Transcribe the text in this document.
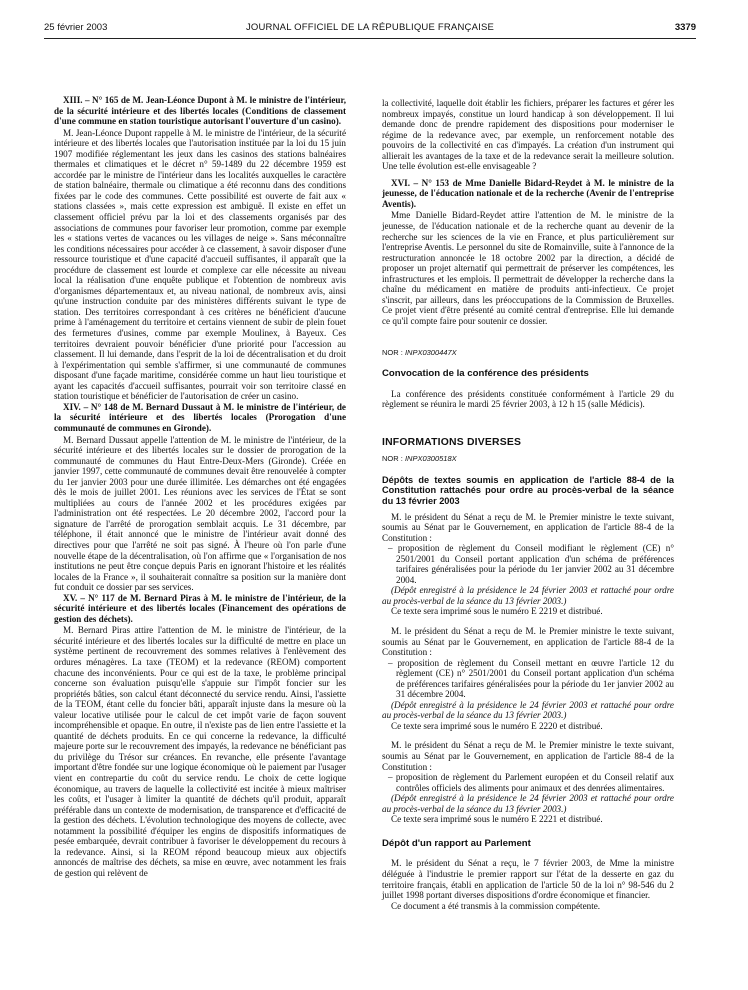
25 février 2003	JOURNAL OFFICIEL DE LA RÉPUBLIQUE FRANÇAISE	3379

XIII. – N° 165 de M. Jean-Léonce Dupont à M. le ministre de l'intérieur, de la sécurité intérieure et des libertés locales (Conditions de classement d'une commune en station touristique autorisant l'ouverture d'un casino).

M. Jean-Léonce Dupont rappelle à M. le ministre de l'intérieur, de la sécurité intérieure et des libertés locales que l'autorisation instituée par la loi du 15 juin 1907 modifiée réglementant les jeux dans les casinos des stations balnéaires thermales et climatiques et le décret n° 59-1489 du 22 décembre 1959 est accordée par le ministre de l'intérieur dans les localités auxquelles le caractère de station balnéaire, thermale ou climatique a été reconnu dans des conditions fixées par le code des communes. Cette possibilité est ouverte de fait aux « stations classées », mais cette expression est ambiguë. Il existe en effet un classement officiel prévu par la loi et des classements organisés par des associations de communes pour favoriser leur promotion, comme par exemple les « stations vertes de vacances ou les villages de neige ». Sans méconnaître les conditions nécessaires pour accéder à ce classement, à savoir disposer d'une ressource touristique et d'une capacité d'accueil suffisantes, il apparaît que la procédure de classement est lourde et complexe car elle nécessite au niveau local la réalisation d'une enquête publique et l'obtention de nombreux avis d'organismes départementaux et, au niveau national, de nombreux avis, ainsi qu'une instruction conduite par des ministères différents suivant le type de station. Des territoires correspondant à ces critères ne bénéficient d'aucune prime à l'aménagement du territoire et certains viennent de subir de plein fouet des fermetures d'usines, comme par exemple Moulinex, à Bayeux. Ces territoires devraient pouvoir bénéficier d'une priorité pour l'accession au classement. Il lui demande, dans l'esprit de la loi de décentralisation et du droit à l'expérimentation qui semble s'affirmer, si une communauté de communes disposant d'une façade maritime, considérée comme un haut lieu touristique et ayant les capacités d'accueil suffisantes, pourrait voir son territoire classé en station touristique et bénéficier de l'autorisation de créer un casino.

XIV. – N° 148 de M. Bernard Dussaut à M. le ministre de l'intérieur, de la sécurité intérieure et des libertés locales (Prorogation d'une communauté de communes en Gironde).

M. Bernard Dussaut appelle l'attention de M. le ministre de l'intérieur, de la sécurité intérieure et des libertés locales sur le dossier de prorogation de la communauté de communes du Haut Entre-Deux-Mers (Gironde). Créée en janvier 1997, cette communauté de communes devait être renouvelée à compter du 1er janvier 2003 pour une durée illimitée. Les démarches ont été engagées dès le mois de juillet 2001. Les réunions avec les services de l'État se sont multipliées au cours de l'année 2002 et les procédures exigées par l'administration ont été respectées. Le 20 décembre 2002, l'accord pour la signature de l'arrêté de prorogation semblait acquis. Le 31 décembre, par téléphone, il était annoncé que le ministre de l'intérieur avait donné des directives pour que l'arrêté ne soit pas signé. À l'heure où l'on parle d'une nouvelle étape de la décentralisation, où l'on affirme que « l'organisation de nos institutions ne peut être conçue depuis Paris en ignorant l'histoire et les réalités locales de la France », il souhaiterait connaître sa position sur la manière dont fut conduit ce dossier par ses services.

XV. – N° 117 de M. Bernard Piras à M. le ministre de l'intérieur, de la sécurité intérieure et des libertés locales (Financement des opérations de gestion des déchets).

M. Bernard Piras attire l'attention de M. le ministre de l'intérieur, de la sécurité intérieure et des libertés locales sur la difficulté de mettre en place un système pertinent de recouvrement des sommes relatives à l'enlèvement des ordures ménagères. La taxe (TEOM) et la redevance (REOM) comportent chacune des inconvénients. Pour ce qui est de la taxe, le problème principal concerne son évaluation puisqu'elle s'appuie sur l'impôt foncier sur les propriétés bâties, son calcul étant déconnecté du service rendu. Ainsi, l'assiette de la TEOM, étant celle du foncier bâti, apparaît injuste dans la mesure où la valeur locative utilisée pour le calcul de cet impôt varie de façon souvent incompréhensible et opaque. En outre, il n'existe pas de lien entre l'assiette et la quantité de déchets produits. En ce qui concerne la redevance, la difficulté majeure porte sur le recouvrement des impayés, la redevance ne bénéficiant pas du privilège du Trésor sur créances. En revanche, elle présente l'avantage important d'être fondée sur une logique économique où le paiement par l'usager vient en contrepartie du coût du service rendu. Le choix de cette logique économique, au travers de laquelle la collectivité est incitée à mieux maîtriser les coûts, et l'usager à limiter la quantité de déchets qu'il produit, apparaît préférable dans un contexte de modernisation, de transparence et d'efficacité de la gestion des déchets. L'évolution technologique des moyens de collecte, avec notamment la possibilité d'équiper les engins de dispositifs informatiques de pesée embarquée, devrait contribuer à favoriser le développement du recours à la redevance. Ainsi, si la REOM répond beaucoup mieux aux objectifs annoncés de maîtrise des déchets, sa mise en œuvre, avec notamment les frais de gestion qui relèvent de

la collectivité, laquelle doit établir les fichiers, préparer les factures et gérer les nombreux impayés, constitue un lourd handicap à son développement. Il lui demande donc de prendre rapidement des dispositions pour moderniser le régime de la redevance avec, par exemple, un renforcement notable des pouvoirs de la collectivité en cas d'impayés. La création d'un instrument qui allierait les avantages de la taxe et de la redevance serait la meilleure solution. Une telle évolution est-elle envisageable ?

XVI. – N° 153 de Mme Danielle Bidard-Reydet à M. le ministre de la jeunesse, de l'éducation nationale et de la recherche (Avenir de l'entreprise Aventis).

Mme Danielle Bidard-Reydet attire l'attention de M. le ministre de la jeunesse, de l'éducation nationale et de la recherche quant au devenir de la recherche sur les sciences de la vie en France, et plus particulièrement sur l'entreprise Aventis. Le personnel du site de Romainville, suite à l'annonce de la restructuration annoncée le 18 octobre 2002 par la direction, a décidé de proposer un projet alternatif qui permettrait de préserver les compétences, les infrastructures et les emplois. Il permettrait de développer la recherche dans la chaîne du médicament en matière de produits anti-infectieux. Ce projet s'inscrit, par ailleurs, dans les préoccupations de la Commission de Bruxelles. Ce projet vient d'être présenté au comité central d'entreprise. Elle lui demande ce qu'il compte faire pour soutenir ce dossier.

NOR : INPX0300447X

Convocation de la conférence des présidents

La conférence des présidents constituée conformément à l'article 29 du règlement se réunira le mardi 25 février 2003, à 12 h 15 (salle Médicis).

INFORMATIONS DIVERSES

NOR : INPX0300518X

Dépôts de textes soumis en application de l'article 88-4 de la Constitution rattachés pour ordre au procès-verbal de la séance du 13 février 2003

M. le président du Sénat a reçu de M. le Premier ministre le texte suivant, soumis au Sénat par le Gouvernement, en application de l'article 88-4 de la Constitution :

– proposition de règlement du Conseil modifiant le règlement (CE) n° 2501/2001 du Conseil portant application d'un schéma de préférences tarifaires généralisées pour la période du 1er janvier 2002 au 31 décembre 2004.

(Dépôt enregistré à la présidence le 24 février 2003 et rattaché pour ordre au procès-verbal de la séance du 13 février 2003.)

Ce texte sera imprimé sous le numéro E 2219 et distribué.

M. le président du Sénat a reçu de M. le Premier ministre le texte suivant, soumis au Sénat par le Gouvernement, en application de l'article 88-4 de la Constitution :

– proposition de règlement du Conseil mettant en œuvre l'article 12 du règlement (CE) n° 2501/2001 du Conseil portant application d'un schéma de préférences tarifaires généralisées pour la période du 1er janvier 2002 au 31 décembre 2004.

(Dépôt enregistré à la présidence le 24 février 2003 et rattaché pour ordre au procès-verbal de la séance du 13 février 2003.)

Ce texte sera imprimé sous le numéro E 2220 et distribué.

M. le président du Sénat a reçu de M. le Premier ministre le texte suivant, soumis au Sénat par le Gouvernement, en application de l'article 88-4 de la Constitution :

– proposition de règlement du Parlement européen et du Conseil relatif aux contrôles officiels des aliments pour animaux et des denrées alimentaires.

(Dépôt enregistré à la présidence le 24 février 2003 et rattaché pour ordre au procès-verbal de la séance du 13 février 2003.)

Ce texte sera imprimé sous le numéro E 2221 et distribué.

Dépôt d'un rapport au Parlement

M. le président du Sénat a reçu, le 7 février 2003, de Mme la ministre déléguée à l'industrie le premier rapport sur l'état de la desserte en gaz du territoire français, établi en application de l'article 50 de la loi n° 98-546 du 2 juillet 1998 portant diverses dispositions d'ordre économique et financier.

Ce document a été transmis à la commission compétente.
